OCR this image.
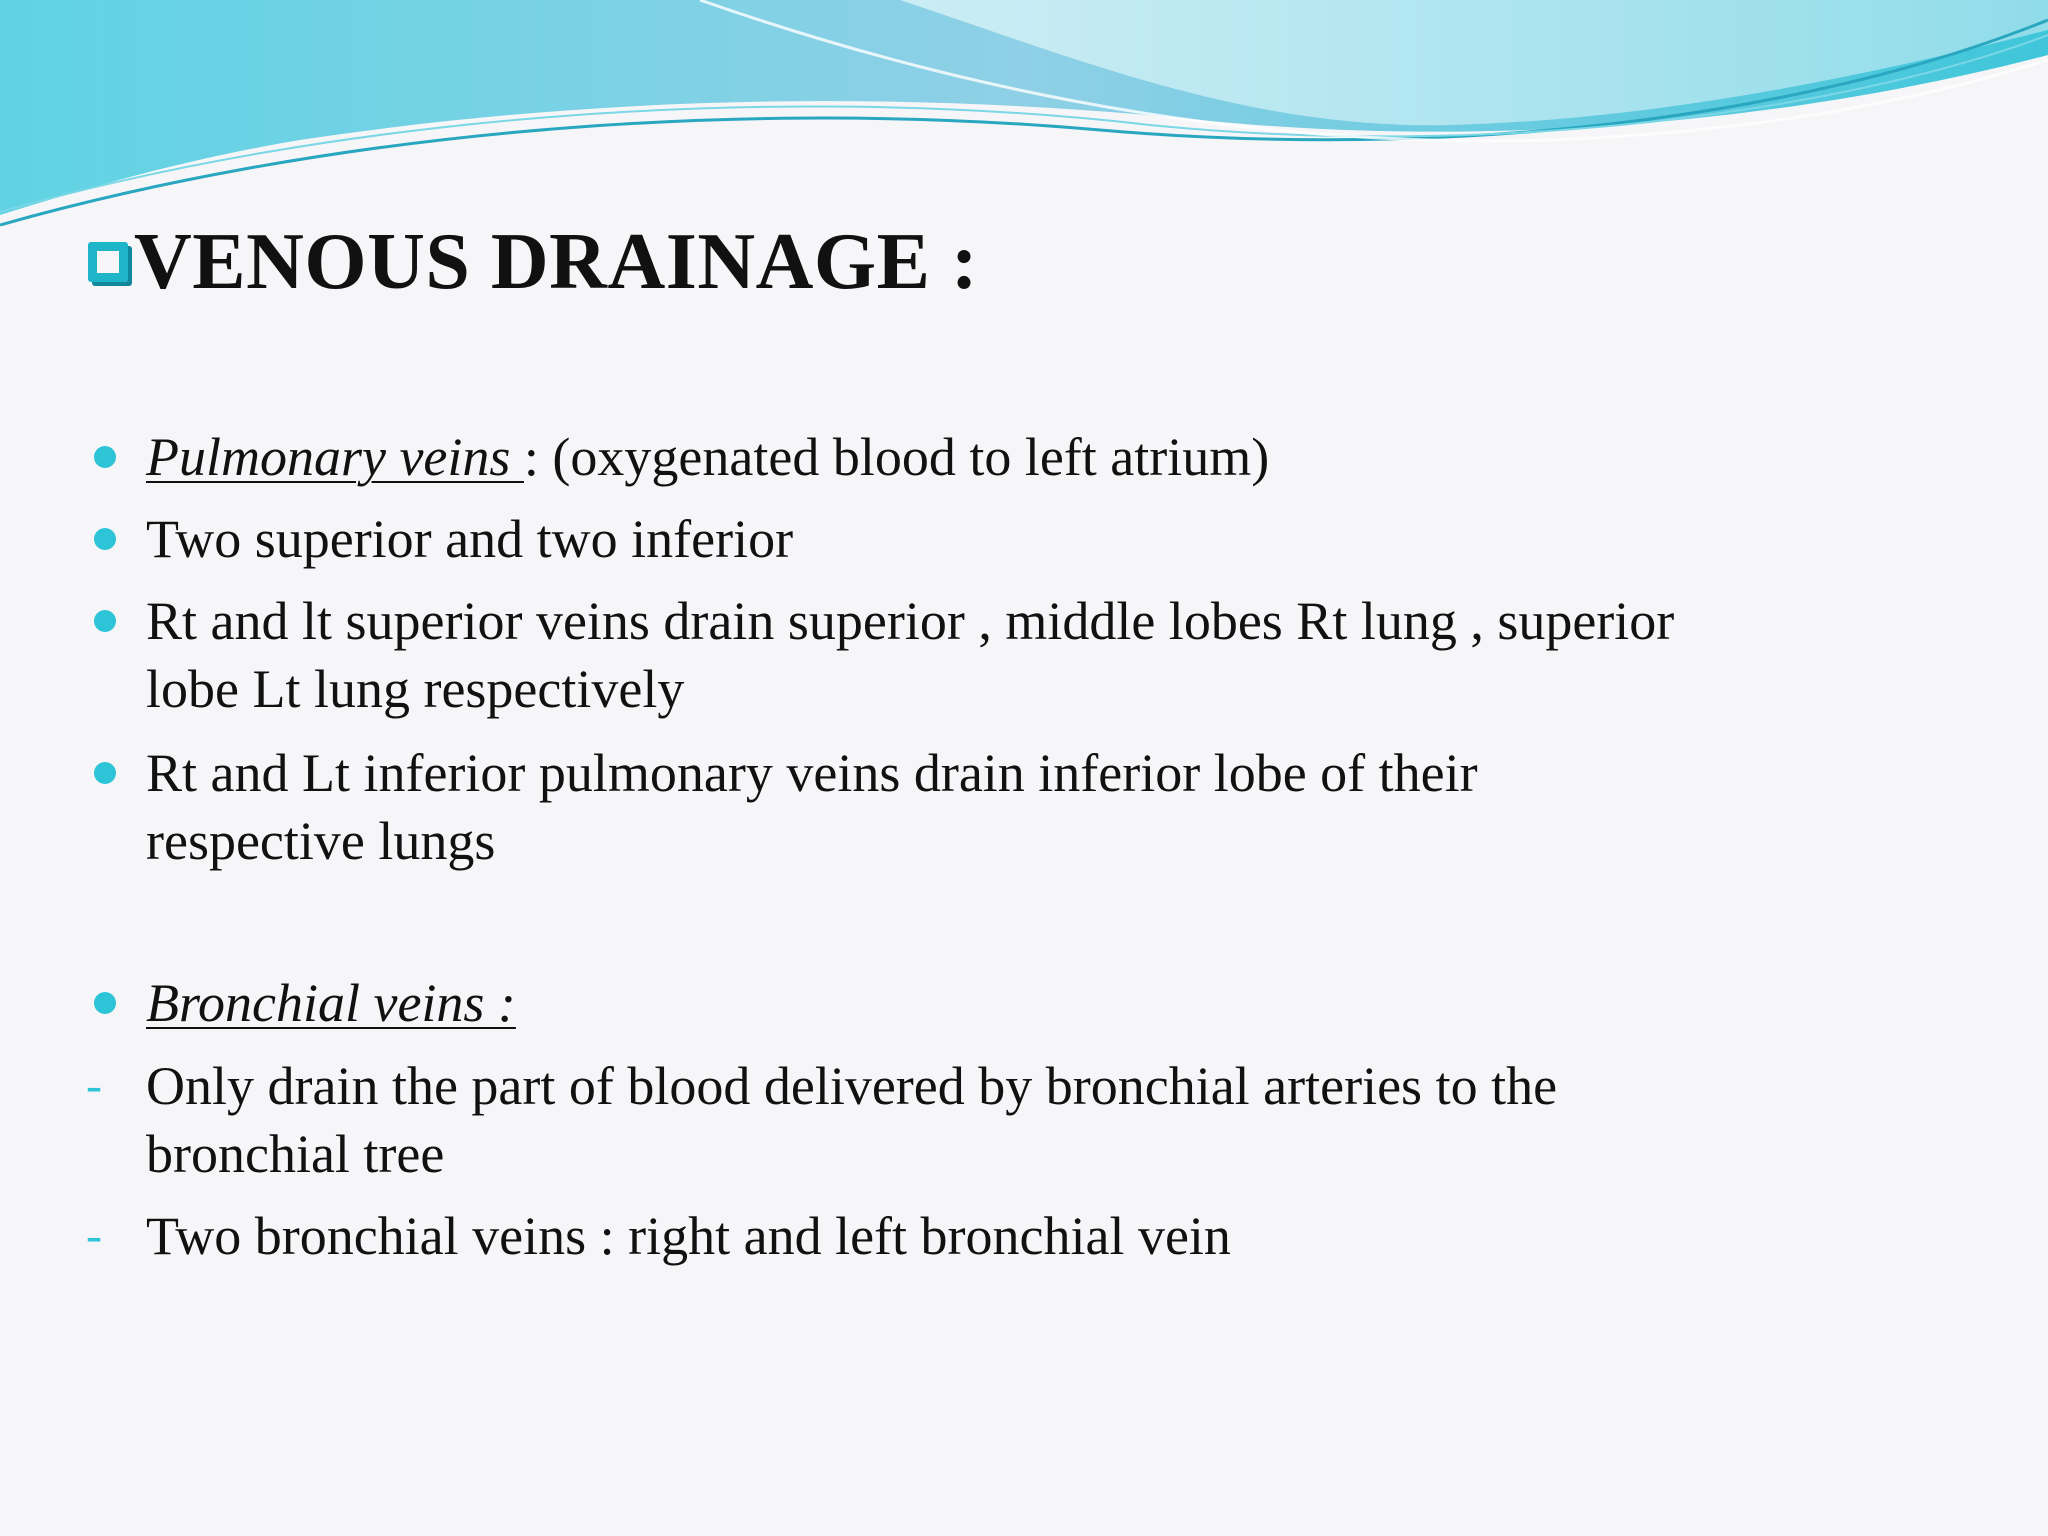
VENOUS DRAINAGE :
Pulmonary veins : (oxygenated blood to left atrium)
Two superior and two inferior
Rt and lt superior veins drain superior , middle lobes Rt lung , superior
lobe Lt lung respectively
Rt and Lt inferior pulmonary veins drain inferior lobe of their
respective lungs
Bronchial veins :
- Only drain the part of blood delivered by bronchial arteries to the
bronchial tree
- Two bronchial veins : right and left bronchial vein
